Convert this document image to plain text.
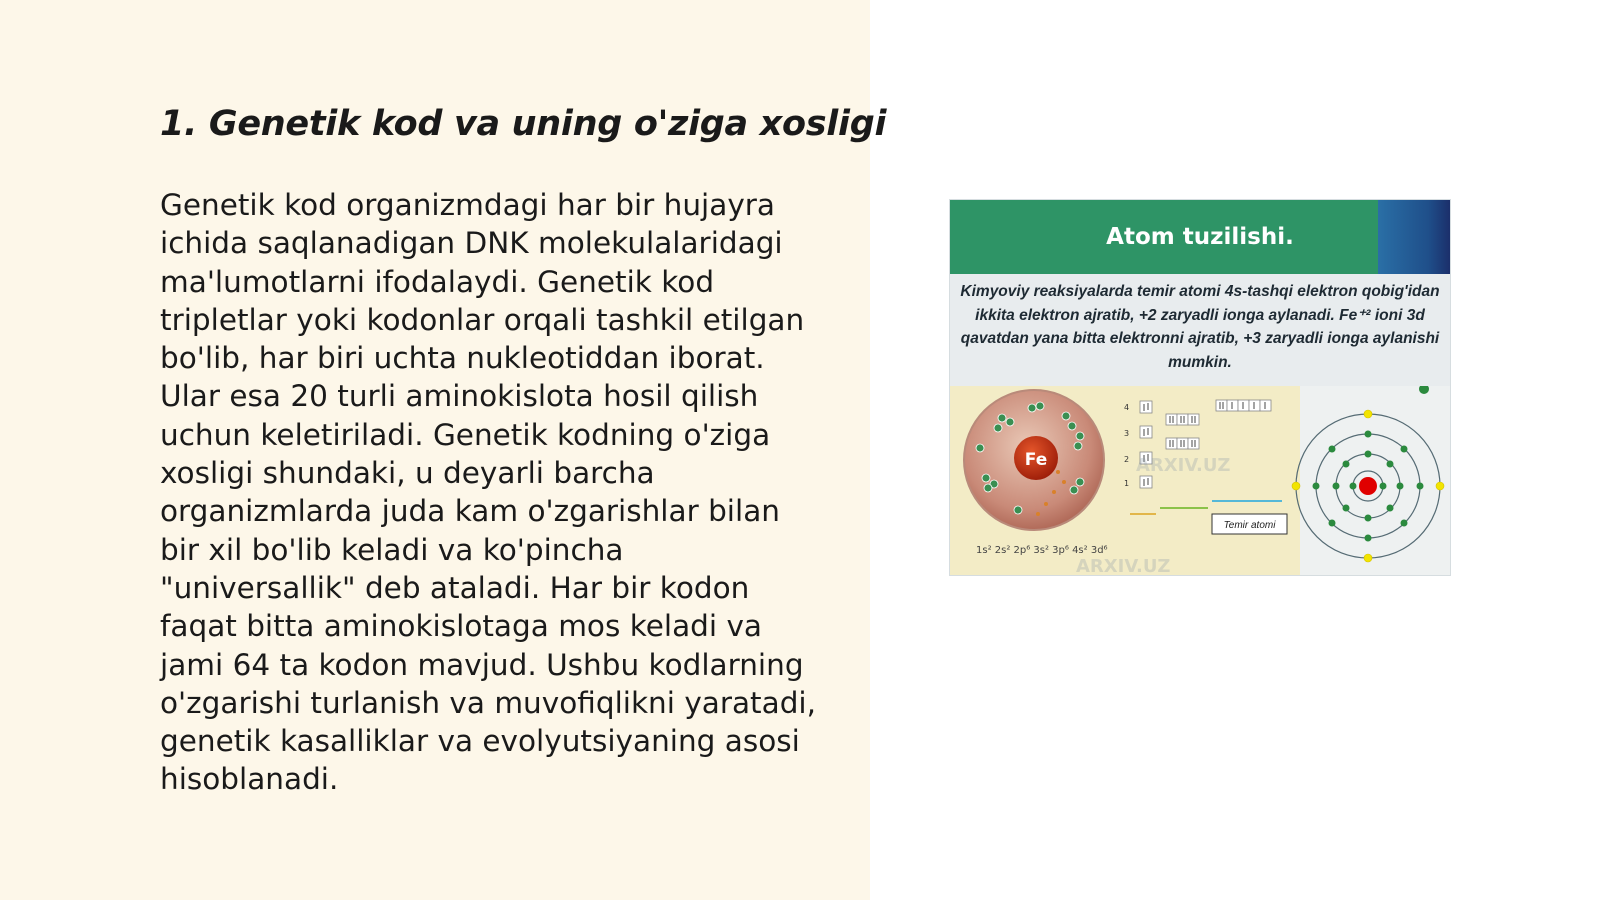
1. Genetik kod va uning o'ziga xosligi

Genetik kod organizmdagi har bir hujayra ichida saqlanadigan DNK molekulalaridagi ma'lumotlarni ifodalaydi. Genetik kod tripletlar yoki kodonlar orqali tashkil etilgan bo'lib, har biri uchta nukleotiddan iborat. Ular esa 20 turli aminokislota hosil qilish uchun keletiriladi. Genetik kodning o'ziga xosligi shundaki, u deyarli barcha organizmlarda juda kam o'zgarishlar bilan bir xil bo'lib keladi va ko'pincha "universallik" deb ataladi. Har bir kodon faqat bitta aminokislotaga mos keladi va jami 64 ta kodon mavjud. Ushbu kodlarning o'zgarishi turlanish va muvofiqlikni yaratadi, genetik kasalliklar va evolyutsiyaning asosi hisoblanadi.

Atom tuzilishi.
Kimyoviy reaksiyalarda temir atomi 4s-tashqi elektron qobig'idan ikkita elektron ajratib, +2 zaryadli ionga aylanadi. Fe⁺² ioni 3d qavatdan yana bitta elektronni ajratib, +3 zaryadli ionga aylanishi mumkin.
Fe
4
3
2
1
Temir atomi
1s² 2s² 2p⁶ 3s² 3p⁶ 4s² 3d⁶
ARXIV.UZ
ARXIV.UZ
